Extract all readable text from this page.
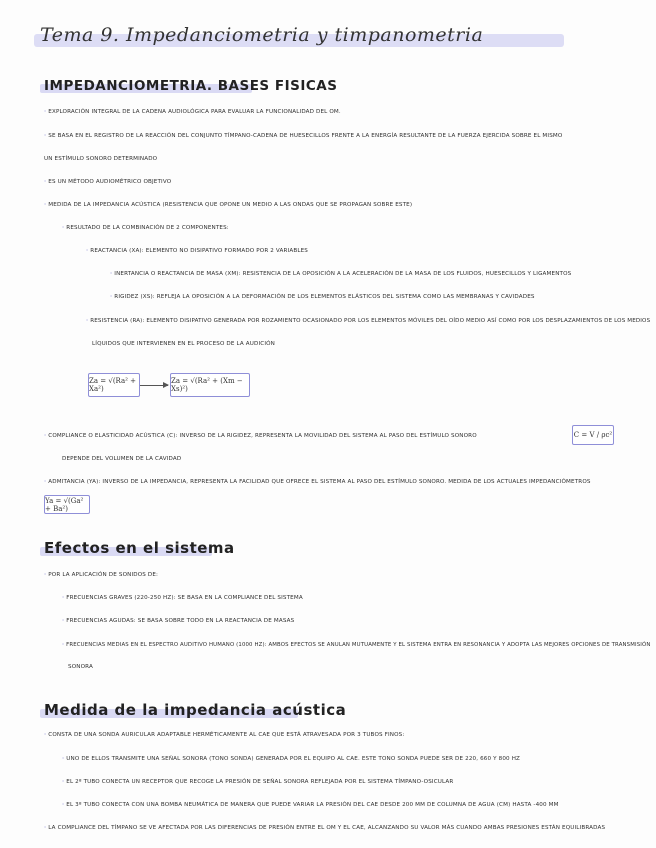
Tema 9. Impedanciometria y timpanometria
IMPEDANCIOMETRIA. BASES FISICAS
· EXPLORACIÓN INTEGRAL DE LA CADENA AUDIOLÓGICA PARA EVALUAR LA FUNCIONALIDAD DEL OM.
· SE BASA EN EL REGISTRO DE LA REACCIÓN DEL CONJUNTO TÍMPANO-CADENA DE HUESECILLOS FRENTE A LA ENERGÍA RESULTANTE DE LA FUERZA EJERCIDA SOBRE EL MISMO
UN ESTÍMULO SONORO DETERMINADO
· ES UN MÉTODO AUDIOMÉTRICO OBJETIVO
· MEDIDA DE LA IMPEDANCIA ACÚSTICA (RESISTENCIA QUE OPONE UN MEDIO A LAS ONDAS QUE SE PROPAGAN SOBRE ESTE)
· RESULTADO DE LA COMBINACIÓN DE 2 COMPONENTES:
· REACTANCIA (XA): ELEMENTO NO DISIPATIVO FORMADO POR 2 VARIABLES
· INERTANCIA O REACTANCIA DE MASA (XM): RESISTENCIA DE LA OPOSICIÓN A LA ACELERACIÓN DE LA MASA DE LOS FLUIDOS, HUESECILLOS Y LIGAMENTOS
· RIGIDEZ (XS): REFLEJA LA OPOSICIÓN A LA DEFORMACIÓN DE LOS ELEMENTOS ELÁSTICOS DEL SISTEMA COMO LAS MEMBRANAS Y CAVIDADES
· RESISTENCIA (RA): ELEMENTO DISIPATIVO GENERADA POR ROZAMIENTO OCASIONADO POR LOS ELEMENTOS MÓVILES DEL OÍDO MEDIO ASÍ COMO POR LOS DESPLAZAMIENTOS DE LOS MEDIOS
LÍQUIDOS QUE INTERVIENEN EN EL PROCESO DE LA AUDICIÓN
Za = √(Ra² + Xa²)
Za = √(Ra² + (Xm − Xs)²)
· COMPLIANCE O ELASTICIDAD ACÚSTICA (C): INVERSO DE LA RIGIDEZ, REPRESENTA LA MOVILIDAD DEL SISTEMA AL PASO DEL ESTÍMULO SONORO	C = V / ρc²
DEPENDE DEL VOLUMEN DE LA CAVIDAD
· ADMITANCIA (YA): INVERSO DE LA IMPEDANCIA, REPRESENTA LA FACILIDAD QUE OFRECE EL SISTEMA AL PASO DEL ESTÍMULO SONORO. MEDIDA DE LOS ACTUALES IMPEDANCIÓMETROS
Ya = √(Ga² + Ba²)
Efectos en el sistema
· POR LA APLICACIÓN DE SONIDOS DE:
· FRECUENCIAS GRAVES (220-250 HZ): SE BASA EN LA COMPLIANCE DEL SISTEMA
· FRECUENCIAS AGUDAS: SE BASA SOBRE TODO EN LA REACTANCIA DE MASAS
· FRECUENCIAS MEDIAS EN EL ESPECTRO AUDITIVO HUMANO (1000 HZ): AMBOS EFECTOS SE ANULAN MUTUAMENTE Y EL SISTEMA ENTRA EN RESONANCIA Y ADOPTA LAS MEJORES OPCIONES DE TRANSMISIÓN
SONORA
Medida de la impedancia acústica
· CONSTA DE UNA SONDA AURICULAR ADAPTABLE HERMÉTICAMENTE AL CAE QUE ESTÁ ATRAVESADA POR 3 TUBOS FINOS:
· UNO DE ELLOS TRANSMITE UNA SEÑAL SONORA (TONO SONDA) GENERADA POR EL EQUIPO AL CAE. ESTE TONO SONDA PUEDE SER DE 220, 660 Y 800 HZ
· EL 2º TUBO CONECTA UN RECEPTOR QUE RECOGE LA PRESIÓN DE SEÑAL SONORA REFLEJADA POR EL SISTEMA TÍMPANO-OSICULAR
· EL 3º TUBO CONECTA CON UNA BOMBA NEUMÁTICA DE MANERA QUE PUEDE VARIAR LA PRESIÓN DEL CAE DESDE 200 MM DE COLUMNA DE AGUA (CM) HASTA -400 MM
· LA COMPLIANCE DEL TÍMPANO SE VE AFECTADA POR LAS DIFERENCIAS DE PRESIÓN ENTRE EL OM Y EL CAE, ALCANZANDO SU VALOR MÁS CUANDO AMBAS PRESIONES ESTÁN EQUILIBRADAS
